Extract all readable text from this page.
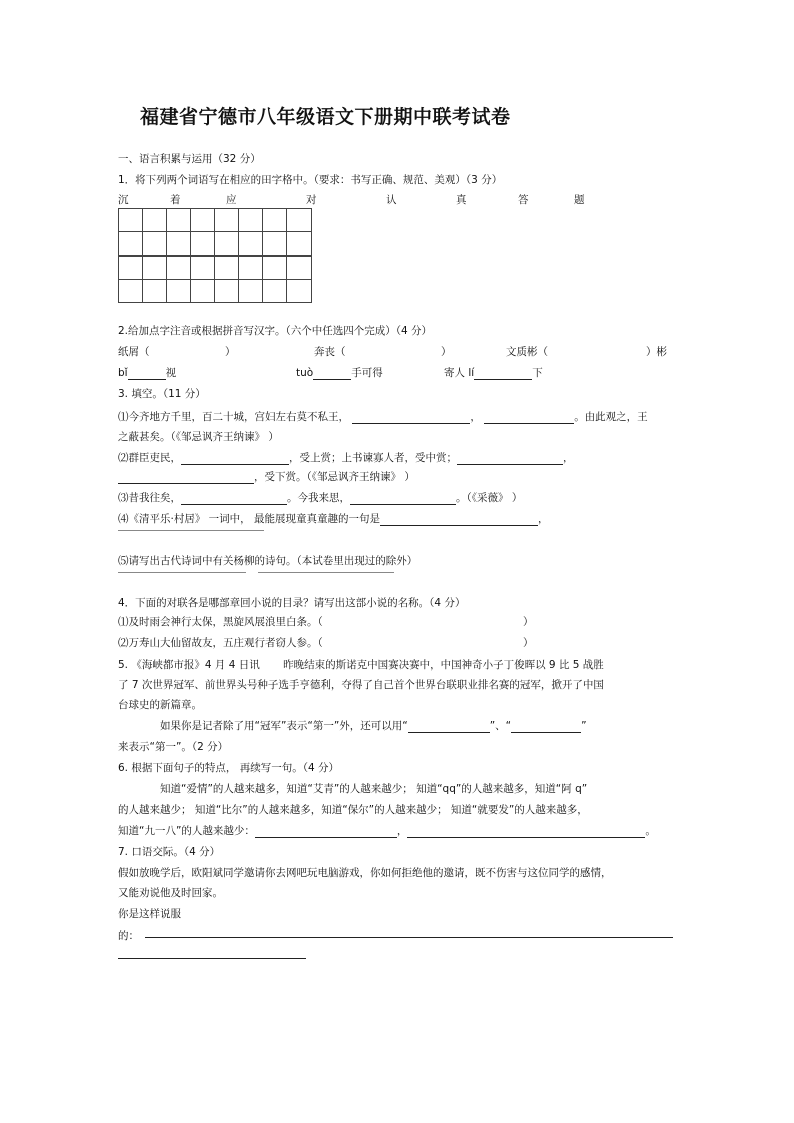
福建省宁德市八年级语文下册期中联考试卷
一、语言积累与运用（32 分）
1．将下列两个词语写在相应的田字格中。（要求：书写正确、规范、美观）（3 分）
沉	着	应	对	认	真	答	题
2.给加点字注音或根据拼音写汉字。（六个中任选四个完成）（4 分）
纸屑（	）	奔丧（	）	文质彬（	）彬
bǐ	视	tuò	手可得	寄人 lí	下
3. 填空。（11 分）
⑴今齐地方千里，百二十城，宫妇左右莫不私王，	，	。由此观之，王
之蔽甚矣。（《邹忌讽齐王纳谏》 ）
⑵群臣吏民，	，受上赏；上书谏寡人者，受中赏；	，
，受下赏。（《邹忌讽齐王纳谏》 ）
⑶昔我往矣，	。今我来思，	。（《采薇》 ）
⑷《清平乐·村居》 一词中， 最能展现童真童趣的一句是	，
⑸请写出古代诗词中有关杨柳的诗句。（本试卷里出现过的除外）
4．下面的对联各是哪部章回小说的目录？请写出这部小说的名称。（4 分）
⑴及时雨会神行太保，黑旋风展浪里白条。（	）
⑵万寿山大仙留故友，五庄观行者窃人参。（	）
5. 《海峡都市报》4 月 4 日讯       昨晚结束的斯诺克中国赛决赛中，中国神奇小子丁俊晖以 9 比 5 战胜
了 7 次世界冠军、前世界头号种子选手亨德利，夺得了自己首个世界台联职业排名赛的冠军，掀开了中国
台球史的新篇章。
如果你是记者除了用“冠军”表示“第一”外，还可以用“	”、“	”
来表示“第一”。（2 分）
6. 根据下面句子的特点， 再续写一句。（4 分）
知道“爱情”的人越来越多，知道“艾青”的人越来越少； 知道“qq”的人越来越多，知道“阿 q”
的人越来越少； 知道“比尔”的人越来越多，知道“保尔”的人越来越少； 知道“就要发”的人越来越多，
知道“九一八”的人越来越少：	，	。
7. 口语交际。（4 分）
假如放晚学后，欧阳斌同学邀请你去网吧玩电脑游戏，你如何拒绝他的邀请，既不伤害与这位同学的感情，
又能劝说他及时回家。
你是这样说服
的：
